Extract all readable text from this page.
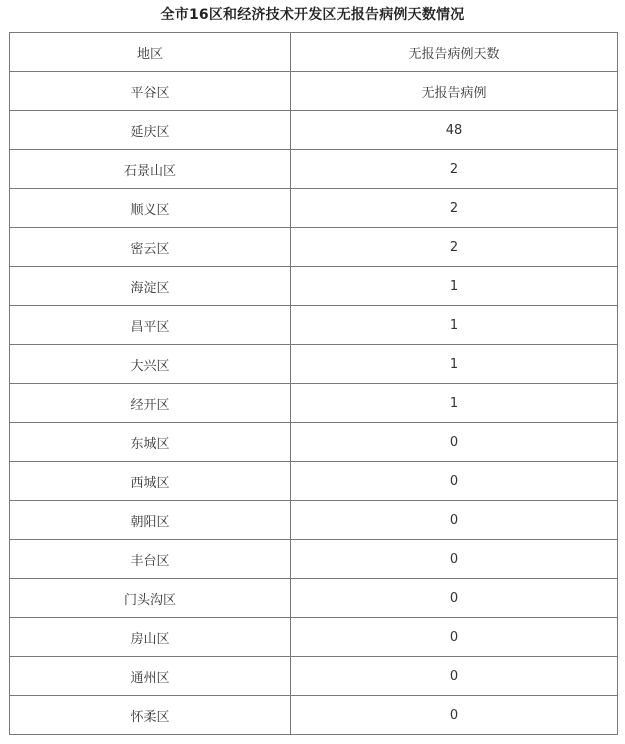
全市16区和经济技术开发区无报告病例天数情况
地区	无报告病例天数
平谷区	无报告病例
延庆区	48
石景山区	2
顺义区	2
密云区	2
海淀区	1
昌平区	1
大兴区	1
经开区	1
东城区	0
西城区	0
朝阳区	0
丰台区	0
门头沟区	0
房山区	0
通州区	0
怀柔区	0
